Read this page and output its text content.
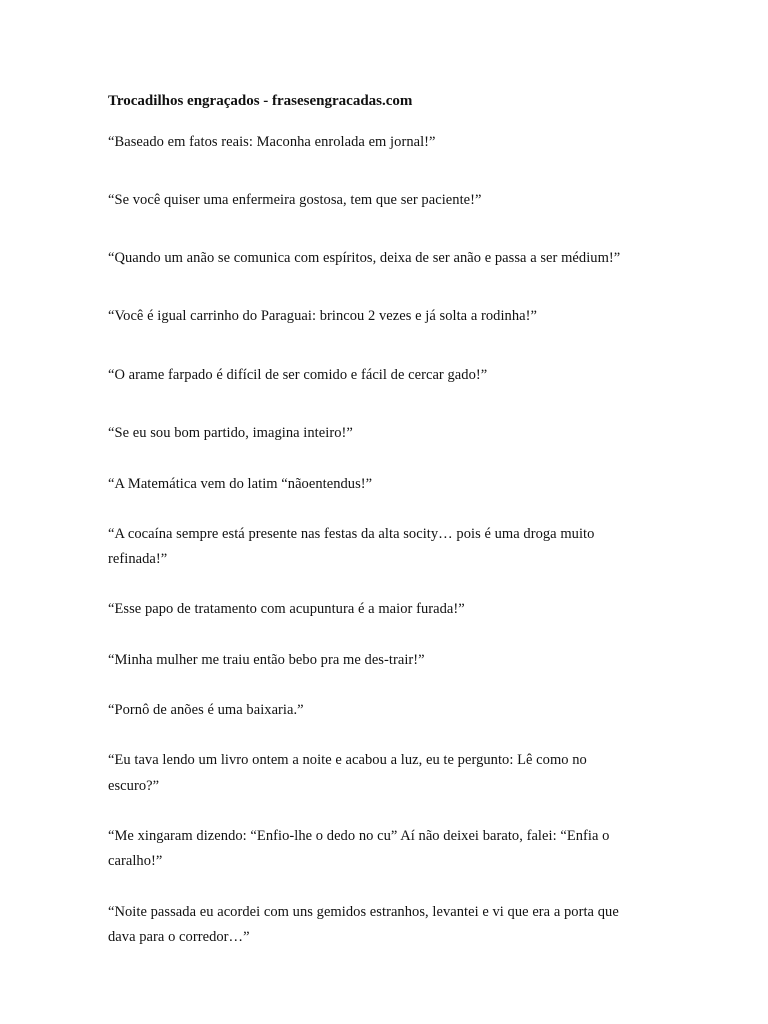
Trocadilhos engraçados - frasesengracadas.com
“Baseado em fatos reais: Maconha enrolada em jornal!”
“Se você quiser uma enfermeira gostosa, tem que ser paciente!”
“Quando um anão se comunica com espíritos, deixa de ser anão e passa a ser médium!”
“Você é igual carrinho do Paraguai: brincou 2 vezes e já solta a rodinha!”
“O arame farpado é difícil de ser comido e fácil de cercar gado!”
“Se eu sou bom partido, imagina inteiro!”
“A Matemática vem do latim “nãoentendus!”
“A cocaína sempre está presente nas festas da alta socity… pois é uma droga muito
refinada!”
“Esse papo de tratamento com acupuntura é a maior furada!”
“Minha mulher me traiu então bebo pra me des-trair!”
“Pornô de anões é uma baixaria.”
“Eu tava lendo um livro ontem a noite e acabou a luz, eu te pergunto: Lê como no
escuro?”
“Me xingaram dizendo: “Enfio-lhe o dedo no cu” Aí não deixei barato, falei: “Enfia o
caralho!”
“Noite passada eu acordei com uns gemidos estranhos, levantei e vi que era a porta que
dava para o corredor…”
